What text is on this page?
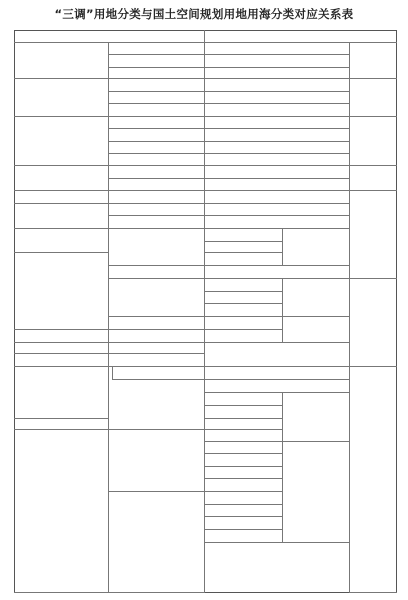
“三调”用地分类与国土空间规划用地用海分类对应关系表
